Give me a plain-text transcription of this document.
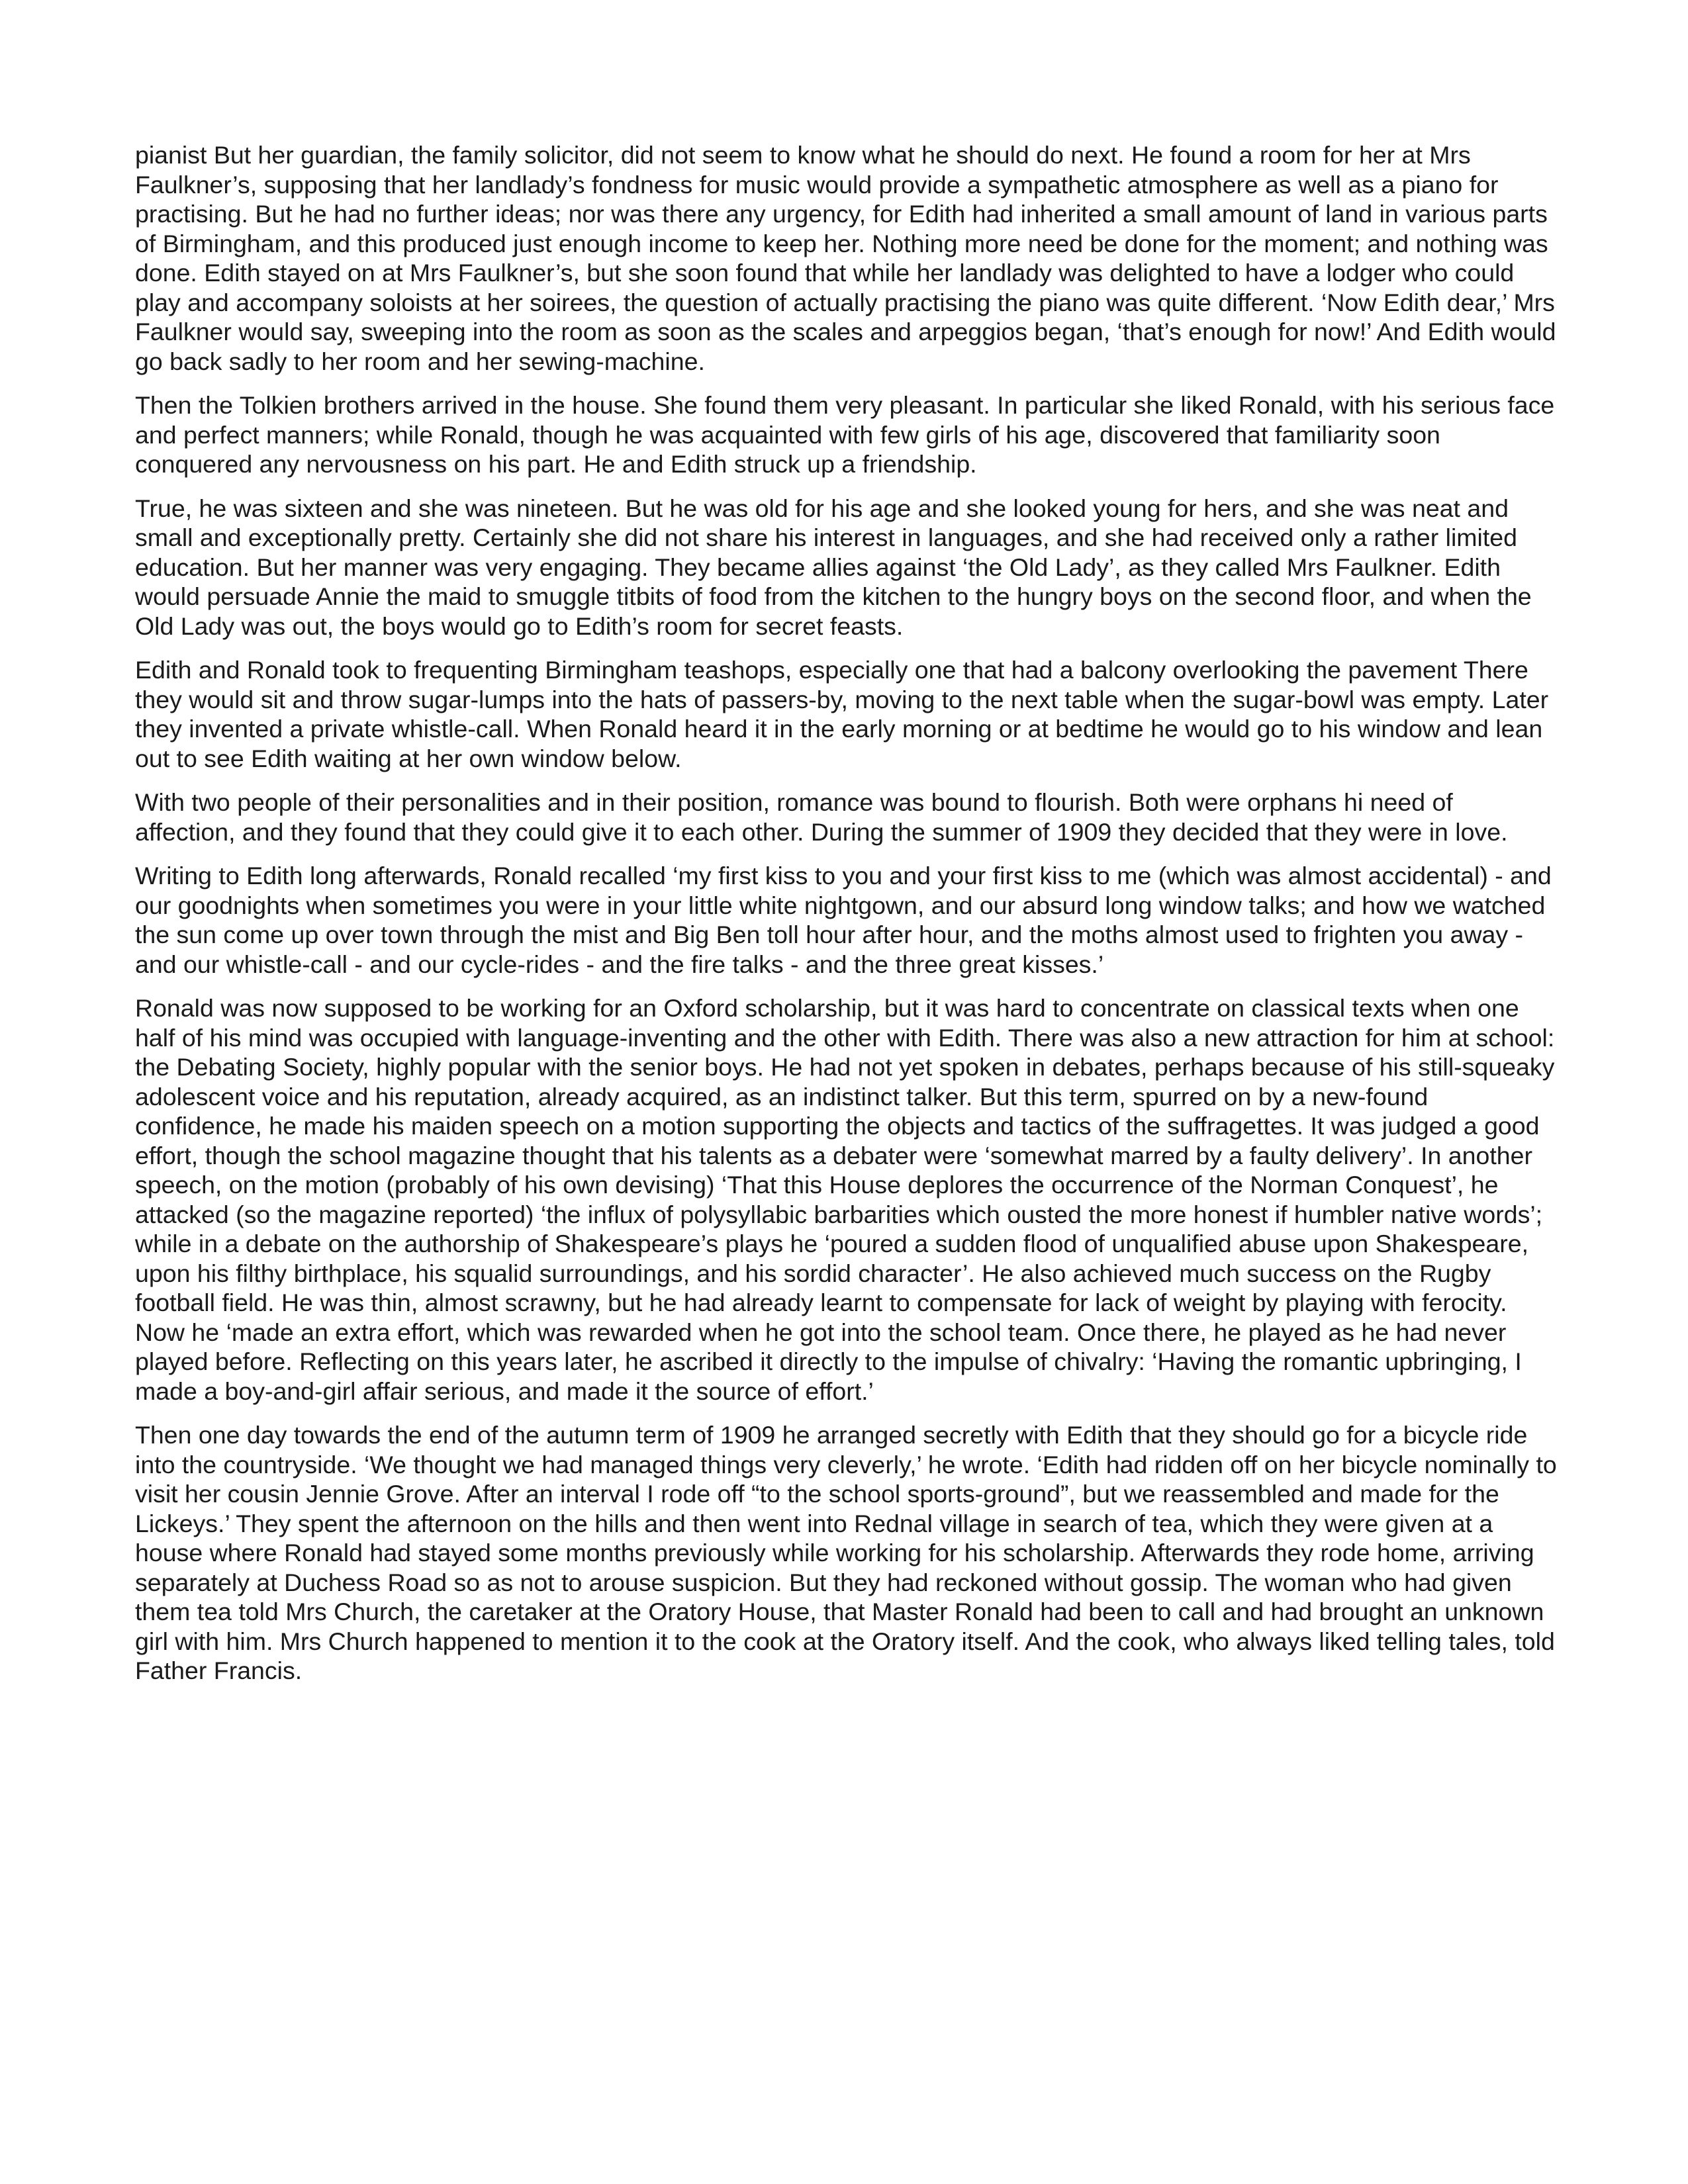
pianist But her guardian, the family solicitor, did not seem to know what he should do next. He found a room for her at Mrs Faulkner’s, supposing that her landlady’s fondness for music would provide a sympathetic atmosphere as well as a piano for practising. But he had no further ideas; nor was there any urgency, for Edith had inherited a small amount of land in various parts of Birmingham, and this produced just enough income to keep her. Nothing more need be done for the moment; and nothing was done. Edith stayed on at Mrs Faulkner’s, but she soon found that while her landlady was delighted to have a lodger who could play and accompany soloists at her soirees, the question of actually practising the piano was quite different. ‘Now Edith dear,’ Mrs Faulkner would say, sweeping into the room as soon as the scales and arpeggios began, ‘that’s enough for now!’ And Edith would go back sadly to her room and her sewing-machine.

Then the Tolkien brothers arrived in the house. She found them very pleasant. In particular she liked Ronald, with his serious face and perfect manners; while Ronald, though he was acquainted with few girls of his age, discovered that familiarity soon conquered any nervousness on his part. He and Edith struck up a friendship.

True, he was sixteen and she was nineteen. But he was old for his age and she looked young for hers, and she was neat and small and exceptionally pretty. Certainly she did not share his interest in languages, and she had received only a rather limited education. But her manner was very engaging. They became allies against ‘the Old Lady’, as they called Mrs Faulkner. Edith would persuade Annie the maid to smuggle titbits of food from the kitchen to the hungry boys on the second floor, and when the Old Lady was out, the boys would go to Edith’s room for secret feasts.

Edith and Ronald took to frequenting Birmingham teashops, especially one that had a balcony overlooking the pavement There they would sit and throw sugar-lumps into the hats of passers-by, moving to the next table when the sugar-bowl was empty. Later they invented a private whistle-call. When Ronald heard it in the early morning or at bedtime he would go to his window and lean out to see Edith waiting at her own window below.

With two people of their personalities and in their position, romance was bound to flourish. Both were orphans hi need of affection, and they found that they could give it to each other. During the summer of 1909 they decided that they were in love.

Writing to Edith long afterwards, Ronald recalled ‘my first kiss to you and your first kiss to me (which was almost accidental) - and our goodnights when sometimes you were in your little white nightgown, and our absurd long window talks; and how we watched the sun come up over town through the mist and Big Ben toll hour after hour, and the moths almost used to frighten you away - and our whistle-call - and our cycle-rides - and the fire talks - and the three great kisses.’

Ronald was now supposed to be working for an Oxford scholarship, but it was hard to concentrate on classical texts when one half of his mind was occupied with language-inventing and the other with Edith. There was also a new attraction for him at school: the Debating Society, highly popular with the senior boys. He had not yet spoken in debates, perhaps because of his still-squeaky adolescent voice and his reputation, already acquired, as an indistinct talker. But this term, spurred on by a new-found confidence, he made his maiden speech on a motion supporting the objects and tactics of the suffragettes. It was judged a good effort, though the school magazine thought that his talents as a debater were ‘somewhat marred by a faulty delivery’. In another speech, on the motion (probably of his own devising) ‘That this House deplores the occurrence of the Norman Conquest’, he attacked (so the magazine reported) ‘the influx of polysyllabic barbarities which ousted the more honest if humbler native words’; while in a debate on the authorship of Shakespeare’s plays he ‘poured a sudden flood of unqualified abuse upon Shakespeare, upon his filthy birthplace, his squalid surroundings, and his sordid character’. He also achieved much success on the Rugby football field. He was thin, almost scrawny, but he had already learnt to compensate for lack of weight by playing with ferocity. Now he ‘made an extra effort, which was rewarded when he got into the school team. Once there, he played as he had never played before. Reflecting on this years later, he ascribed it directly to the impulse of chivalry: ‘Having the romantic upbringing, I made a boy-and-girl affair serious, and made it the source of effort.’

Then one day towards the end of the autumn term of 1909 he arranged secretly with Edith that they should go for a bicycle ride into the countryside. ‘We thought we had managed things very cleverly,’ he wrote. ‘Edith had ridden off on her bicycle nominally to visit her cousin Jennie Grove. After an interval I rode off “to the school sports-ground”, but we reassembled and made for the Lickeys.’ They spent the afternoon on the hills and then went into Rednal village in search of tea, which they were given at a house where Ronald had stayed some months previously while working for his scholarship. Afterwards they rode home, arriving separately at Duchess Road so as not to arouse suspicion. But they had reckoned without gossip. The woman who had given them tea told Mrs Church, the caretaker at the Oratory House, that Master Ronald had been to call and had brought an unknown girl with him. Mrs Church happened to mention it to the cook at the Oratory itself. And the cook, who always liked telling tales, told Father Francis.
